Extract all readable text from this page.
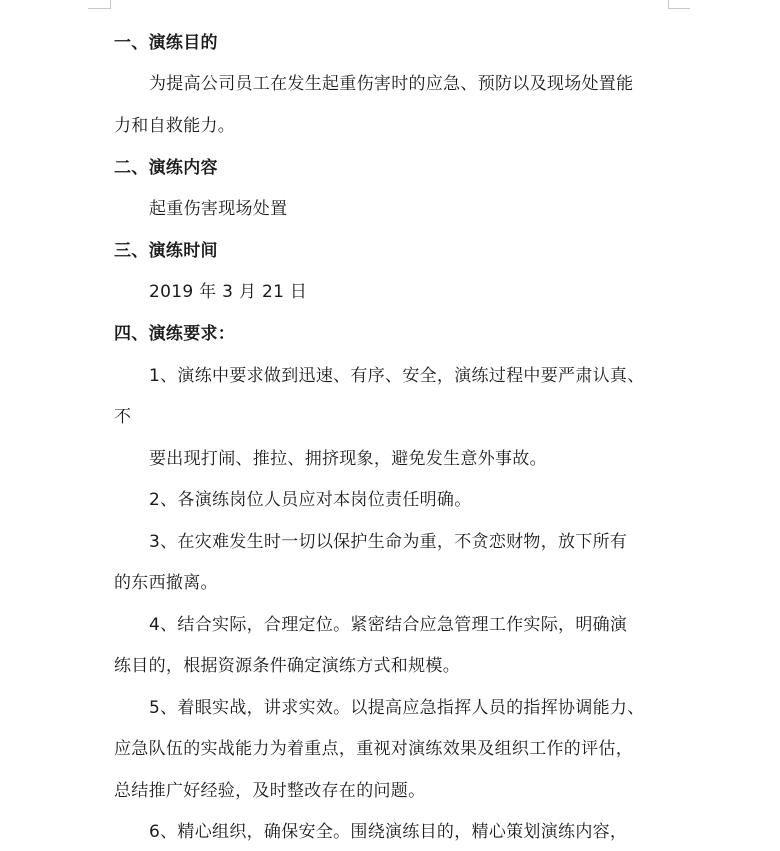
一、演练目的
为提高公司员工在发生起重伤害时的应急、预防以及现场处置能
力和自救能力。
二、演练内容
起重伤害现场处置
三、演练时间
2019 年 3 月 21 日
四、演练要求：
1、演练中要求做到迅速、有序、安全，演练过程中要严肃认真、
不
要出现打闹、推拉、拥挤现象，避免发生意外事故。
2、各演练岗位人员应对本岗位责任明确。
3、在灾难发生时一切以保护生命为重，不贪恋财物，放下所有
的东西撤离。
4、结合实际，合理定位。紧密结合应急管理工作实际，明确演
练目的，根据资源条件确定演练方式和规模。
5、着眼实战，讲求实效。以提高应急指挥人员的指挥协调能力、
应急队伍的实战能力为着重点，重视对演练效果及组织工作的评估，
总结推广好经验，及时整改存在的问题。
6、精心组织，确保安全。围绕演练目的，精心策划演练内容，
